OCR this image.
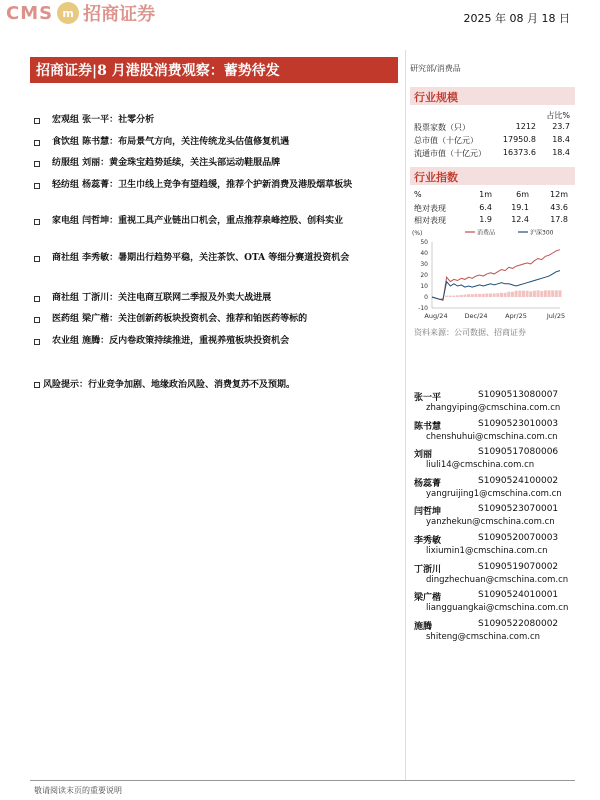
CMS m 招商证券	2025 年 08 月 18 日
招商证券|8 月港股消费观察：蓄势待发	研究部/消费品
宏观组 张一平：社零分析
食饮组 陈书慧：布局景气方向，关注传统龙头估值修复机遇
纺服组 刘丽：黄金珠宝趋势延续，关注头部运动鞋服品牌
轻纺组 杨蕊菁：卫生巾线上竞争有望趋缓，推荐个护新消费及港股烟草板块
家电组 闫哲坤：重视工具产业链出口机会，重点推荐泉峰控股、创科实业
商社组 李秀敏：暑期出行趋势平稳，关注茶饮、OTA 等细分赛道投资机会
商社组 丁浙川：关注电商互联网二季报及外卖大战进展
医药组 梁广楷：关注创新药板块投资机会、推荐和铂医药等标的
农业组 施腾：反内卷政策持续推进，重视养殖板块投资机会
风险提示：行业竞争加剧、地缘政治风险、消费复苏不及预期。
行业规模
占比%
股票家数（只）	1212	23.7
总市值（十亿元）	17950.8	18.4
流通市值（十亿元）	16373.6	18.4
行业指数
%	1m	6m	12m
绝对表现	6.4	19.1	43.6
相对表现	1.9	12.4	17.8
(%)
50
40
30
20
10
0
-10
Aug/24	Dec/24	Apr/25	Jul/25
消费品	沪深300
资料来源：公司数据、招商证券
张一平	S1090513080007
zhangyiping@cmschina.com.cn
陈书慧	S1090523010003
chenshuhui@cmschina.com.cn
刘丽	S1090517080006
liuli14@cmschina.com.cn
杨蕊菁	S1090524100002
yangruijing1@cmschina.com.cn
闫哲坤	S1090523070001
yanzhekun@cmschina.com.cn
李秀敏	S1090520070003
lixiumin1@cmschina.com.cn
丁浙川	S1090519070002
dingzhechuan@cmschina.com.cn
梁广楷	S1090524010001
liangguangkai@cmschina.com.cn
施腾	S1090522080002
shiteng@cmschina.com.cn
敬请阅读末页的重要说明
